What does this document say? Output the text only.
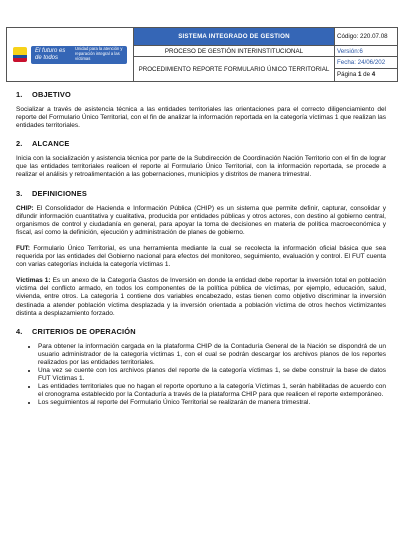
El futuro es de todos
Unidad para la atención y reparación integral a las víctimas	SISTEMA INTEGRADO DE GESTION	Código: 220.07.08
	PROCESO DE GESTIÓN INTERINSTITUCIONAL	Versión:6
	PROCEDIMIENTO REPORTE FORMULARIO ÚNICO TERRITORIAL	Fecha: 24/06/202
Página 1 de 4
1. OBJETIVO

Socializar a través de asistencia técnica a las entidades territoriales las orientaciones para el correcto diligenciamiento del reporte del Formulario Único Territorial, con el fin de analizar la información reportada en la categoría víctimas 1 que realizan las entidades territoriales.

2. ALCANCE

Inicia con la socialización y asistencia técnica por parte de la Subdirección de Coordinación Nación Territorio con el fin de lograr que las entidades territoriales realicen el reporte al Formulario Único Territorial, con la información reportada, se procede a realizar el análisis y retroalimentación a las gobernaciones, municipios y distritos de manera trimestral.

3. DEFINICIONES

CHIP: El Consolidador de Hacienda e Información Pública (CHIP) es un sistema que permite definir, capturar, consolidar y difundir información cuantitativa y cualitativa, producida por entidades públicas y otros actores, con destino al gobierno central, organismos de control y ciudadanía en general, para apoyar la toma de decisiones en materia de política macroeconómica y fiscal, así como la definición, ejecución y administración de planes de gobierno.

FUT: Formulario Único Territorial, es una herramienta mediante la cual se recolecta la información oficial básica que sea requerida por las entidades del Gobierno nacional para efectos del monitoreo, seguimiento, evaluación y control. El FUT cuenta con varias categorías incluida la categoría víctimas 1.

Víctimas 1: Es un anexo de la Categoría Gastos de Inversión en donde la entidad debe reportar la inversión total en población víctima del conflicto armado, en todos los componentes de la política pública de víctimas, por ejemplo, educación, salud, vivienda, entre otros. La categoría 1 contiene dos variables encabezado, estas tienen como objetivo discriminar la inversión destinada a atender población víctima desplazada y la inversión orientada a población víctima de otros hechos victimizantes distinta a desplazamiento forzado.

4. CRITERIOS DE OPERACIÓN
• Para obtener la información cargada en la plataforma CHIP de la Contaduría General de la Nación se dispondrá de un usuario administrador de la categoría víctimas 1, con el cual se podrán descargar los archivos planos de los reportes realizados por las entidades territoriales.
• Una vez se cuente con los archivos planos del reporte de la categoría víctimas 1, se debe construir la base de datos FUT Víctimas 1.
• Las entidades territoriales que no hagan el reporte oportuno a la categoría Víctimas 1, serán habilitadas de acuerdo con el cronograma establecido por la Contaduría a través de la plataforma CHIP para que realicen el reporte extemporáneo.
• Los seguimientos al reporte del Formulario Único Territorial se realizarán de manera trimestral.
